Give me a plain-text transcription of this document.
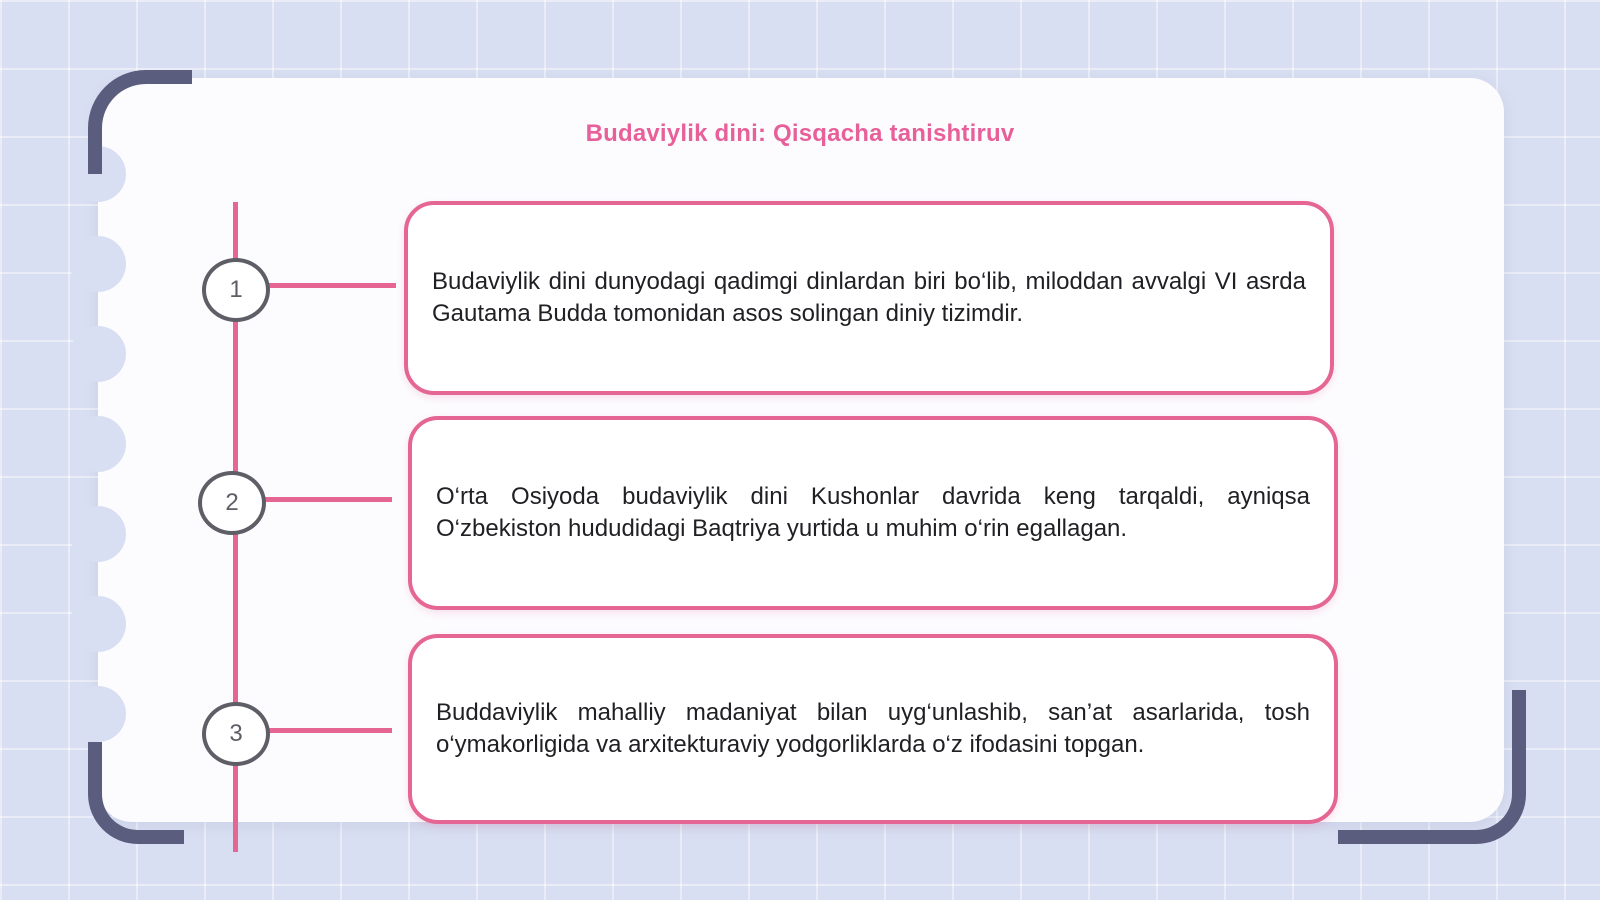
Budaviylik dini: Qisqacha tanishtiruv
1
2
3

Budaviylik dini dunyodagi qadimgi dinlardan biri bo‘lib, miloddan avvalgi VI asrda Gautama Budda tomonidan asos solingan diniy tizimdir.

O‘rta Osiyoda budaviylik dini Kushonlar davrida keng tarqaldi, ayniqsa O‘zbekiston hududidagi Baqtriya yurtida u muhim o‘rin egallagan.

Buddaviylik mahalliy madaniyat bilan uyg‘unlashib, san’at asarlarida, tosh o‘ymakorligida va arxitekturaviy yodgorliklarda o‘z ifodasini topgan.
